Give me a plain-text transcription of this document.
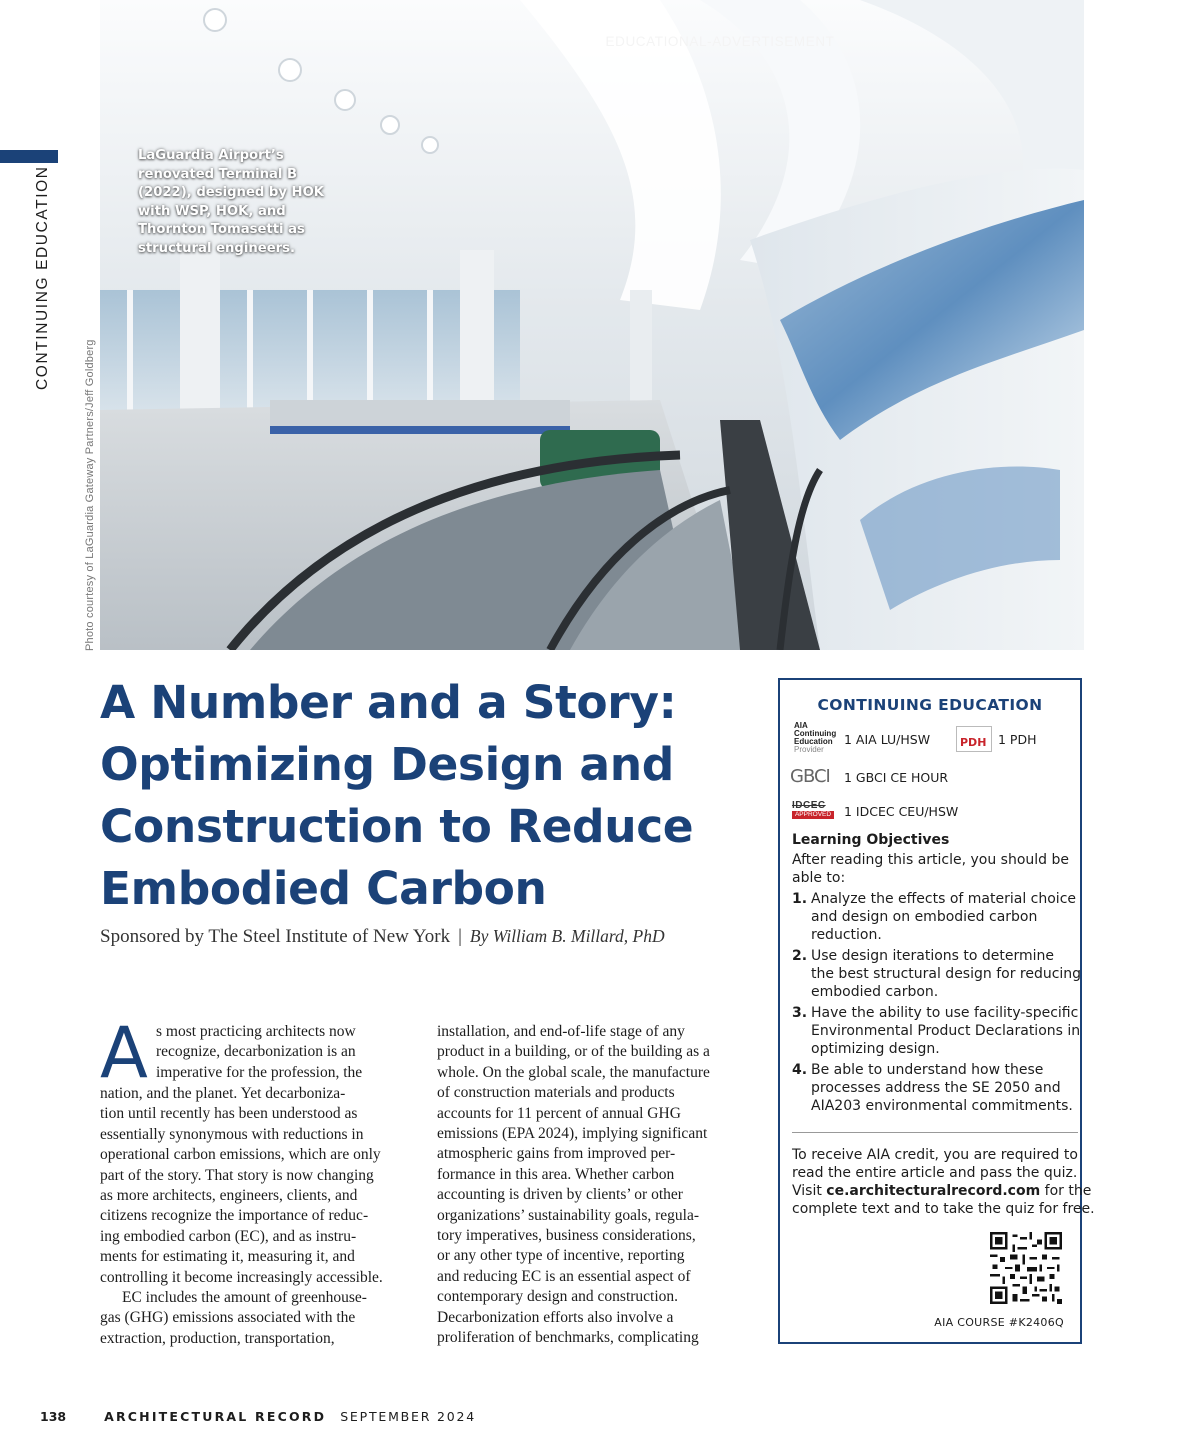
CONTINUING EDUCATION
Photo courtesy of LaGuardia Gateway Partners/Jeff Goldberg
EDUCATIONAL-ADVERTISEMENT
LaGuardia Airport’s renovated Terminal B (2022), designed by HOK with WSP, HOK, and Thornton Tomasetti as structural engineers.
A Number and a Story:
Optimizing Design and
Construction to Reduce
Embodied Carbon
Sponsored by The Steel Institute of New York | By William B. Millard, PhD

A s most practicing architects now
recognize, decarbonization is an
imperative for the profession, the
nation, and the planet. Yet decarboniza-
tion until recently has been understood as
essentially synonymous with reductions in
operational carbon emissions, which are only
part of the story. That story is now changing
as more architects, engineers, clients, and
citizens recognize the importance of reduc-
ing embodied carbon (EC), and as instru-
ments for estimating it, measuring it, and
controlling it become increasingly accessible.

EC includes the amount of greenhouse-
gas (GHG) emissions associated with the
extraction, production, transportation,

installation, and end-of-life stage of any
product in a building, or of the building as a
whole. On the global scale, the manufacture
of construction materials and products
accounts for 11 percent of annual GHG
emissions (EPA 2024), implying significant
atmospheric gains from improved per-
formance in this area. Whether carbon
accounting is driven by clients’ or other
organizations’ sustainability goals, regula-
tory imperatives, business considerations,
or any other type of incentive, reporting
and reducing EC is an essential aspect of
contemporary design and construction.
Decarbonization efforts also involve a
proliferation of benchmarks, complicating

CONTINUING EDUCATION
AIA
Continuing
Education
Provider
1 AIA LU/HSW	PDH 1 PDH
GBCI 1 GBCI CE HOUR
IDCEC
APPROVED 1 IDCEC CEU/HSW
Learning Objectives
After reading this article, you should be able to:
1. Analyze the effects of material choice
and design on embodied carbon
reduction.
2. Use design iterations to determine
the best structural design for reducing
embodied carbon.
3. Have the ability to use facility-specific
Environmental Product Declarations in
optimizing design.
4. Be able to understand how these
processes address the SE 2050 and
AIA203 environmental commitments.
To receive AIA credit, you are required to
read the entire article and pass the quiz.
Visit ce.architecturalrecord.com for the
complete text and to take the quiz for free.
AIA COURSE #K2406Q
138	ARCHITECTURAL RECORD SEPTEMBER 2024
